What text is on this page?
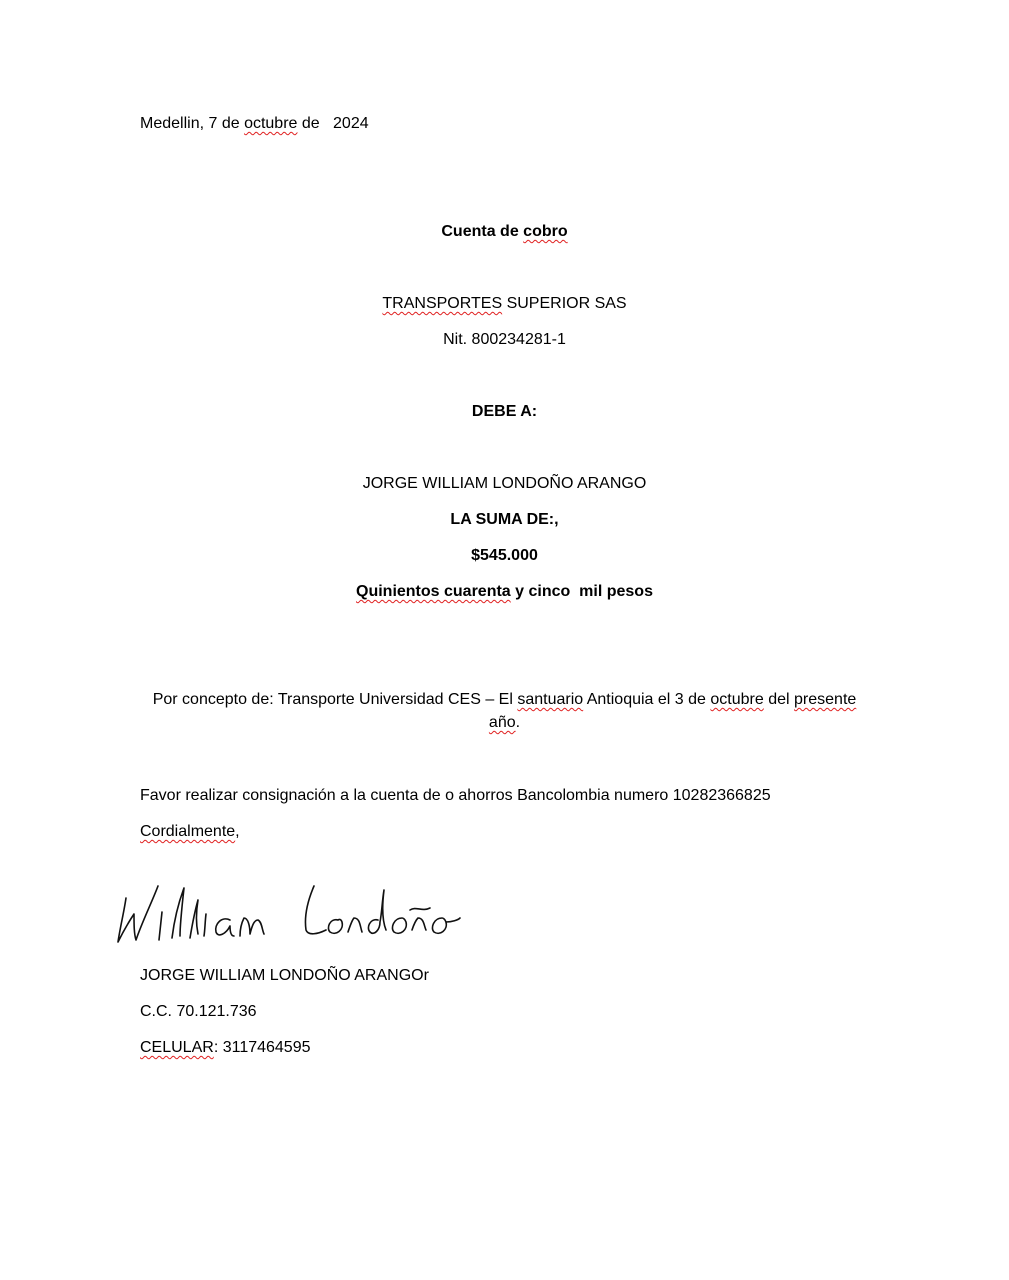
Medellin, 7 de octubre de   2024
Cuenta de cobro
TRANSPORTES SUPERIOR SAS
Nit. 800234281-1
DEBE A:
JORGE WILLIAM LONDOÑO ARANGO
LA SUMA DE:,
$545.000
Quinientos cuarenta y cinco  mil pesos
Por concepto de: Transporte Universidad CES – El santuario Antioquia el 3 de octubre del presente
año.
Favor realizar consignación a la cuenta de o ahorros Bancolombia numero 10282366825
Cordialmente,
JORGE WILLIAM LONDOÑO ARANGOr
C.C. 70.121.736
CELULAR: 3117464595
